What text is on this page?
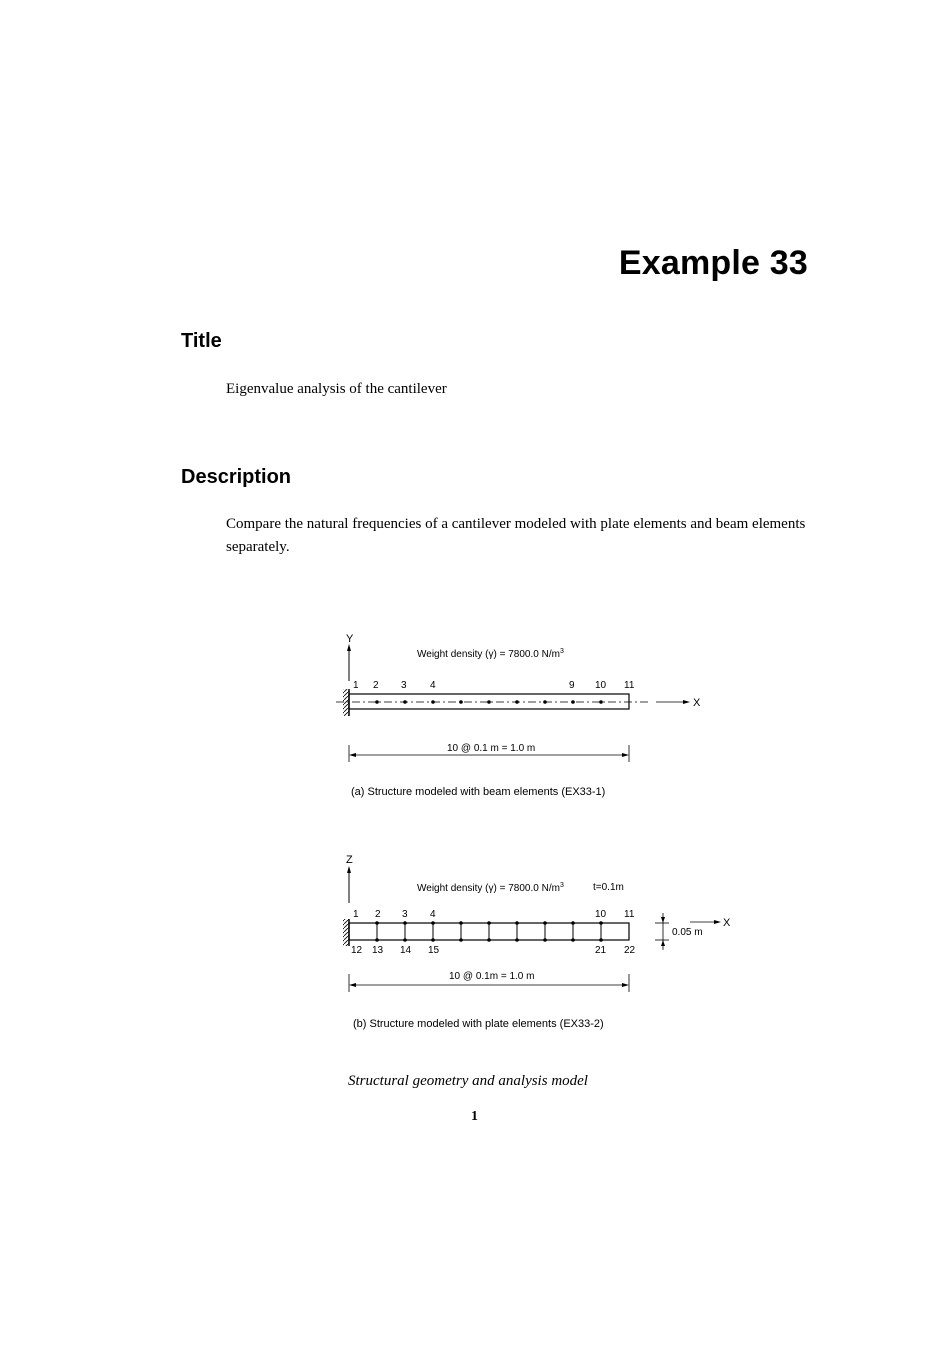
Example 33
Title
Eigenvalue analysis of the cantilever
Description
Compare the natural frequencies of a cantilever modeled with plate elements and beam elements separately.
Y
Weight density (γ) = 7800.0 $N/m^3$
1 2 3 4	9 10 11
X
10 @ 0.1 m = 1.0 m
(a) Structure modeled with beam elements (EX33-1)
Z
Weight density (γ) = 7800.0 $N/m^3$	t=0.1m
1 2 3 4	10 11
12 13 14 15	21 22
0.05 m
X
10 @ 0.1m = 1.0 m
(b) Structure modeled with plate elements (EX33-2)
Structural geometry and analysis model
1
